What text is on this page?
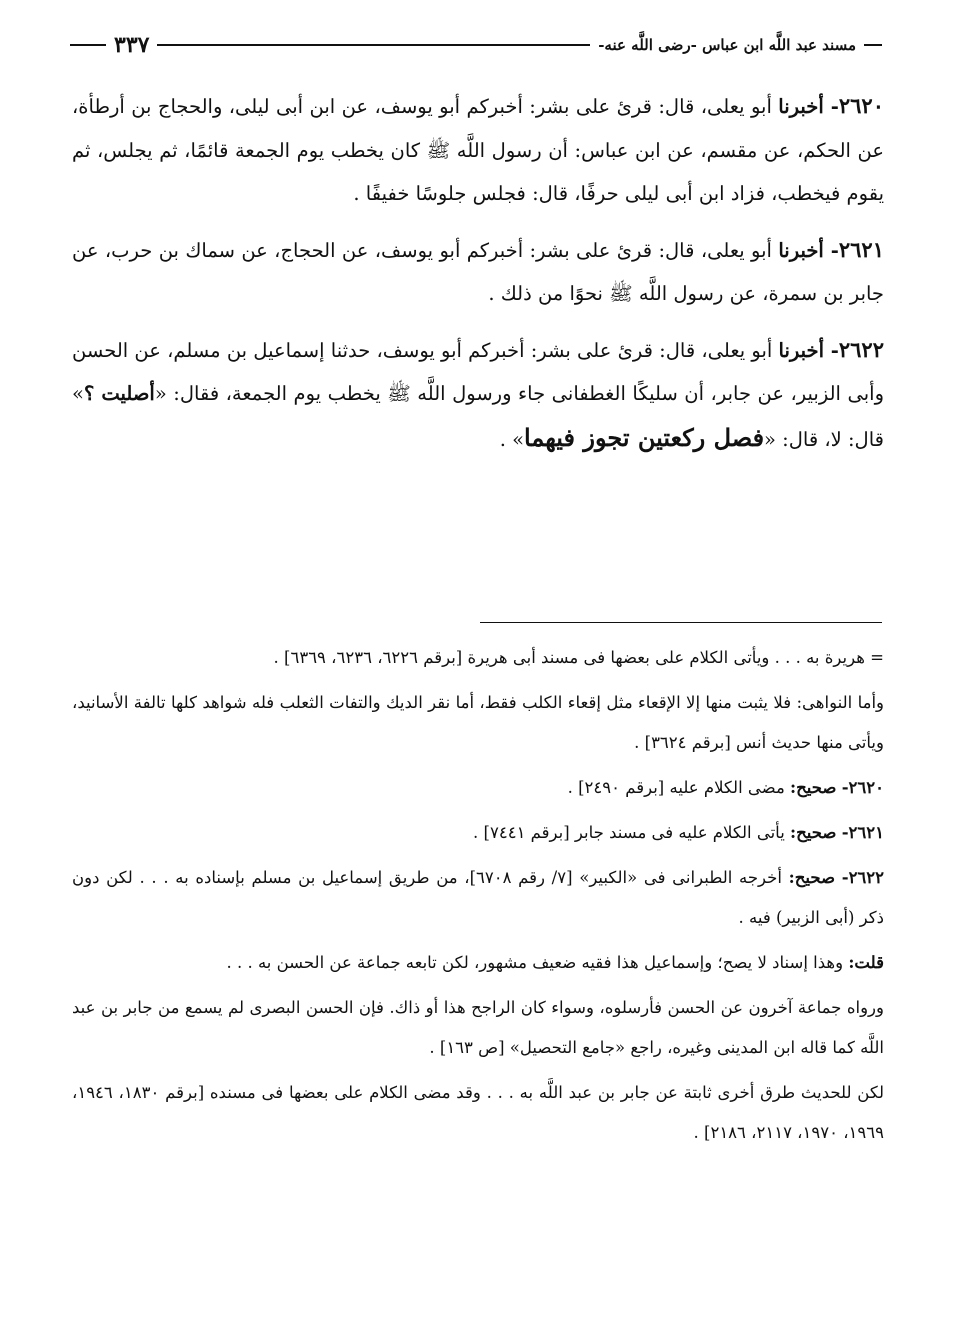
مسند عبد اللَّه ابن عباس -رضى اللَّه عنه-
٣٣٧

٢٦٢٠- أخبرنا أبو يعلى، قال: قرئ على بشر: أخبركم أبو يوسف، عن ابن أبى ليلى، والحجاج بن أرطأة، عن الحكم، عن مقسم، عن ابن عباس: أن رسول اللَّه ﷺ كان يخطب يوم الجمعة قائمًا، ثم يجلس، ثم يقوم فيخطب، فزاد ابن أبى ليلى حرفًا، قال: فجلس جلوسًا خفيفًا .

٢٦٢١- أخبرنا أبو يعلى، قال: قرئ على بشر: أخبركم أبو يوسف، عن الحجاج، عن سماك بن حرب، عن جابر بن سمرة، عن رسول اللَّه ﷺ نحوًا من ذلك .

٢٦٢٢- أخبرنا أبو يعلى، قال: قرئ على بشر: أخبركم أبو يوسف، حدثنا إسماعيل بن مسلم، عن الحسن وأبى الزبير، عن جابر، أن سليكًا الغطفانى جاء ورسول اللَّه ﷺ يخطب يوم الجمعة، فقال: «أصليت ؟» قال: لا، قال: «فصل ركعتين تجوز فيهما» .

= هريرة به . . . ويأتى الكلام على بعضها فى مسند أبى هريرة [برقم ٦٢٢٦، ٦٢٣٦، ٦٣٦٩] .

وأما النواهى: فلا يثبت منها إلا الإقعاء مثل إقعاء الكلب فقط، أما نقر الديك والتفات الثعلب فله شواهد كلها تالفة الأسانيد، ويأتى منها حديث أنس [برقم ٣٦٢٤] .

٢٦٢٠- صحيح: مضى الكلام عليه [برقم ٢٤٩٠] .

٢٦٢١- صحيح: يأتى الكلام عليه فى مسند جابر [برقم ٧٤٤١] .

٢٦٢٢- صحيح: أخرجه الطبرانى فى «الكبير» [٧/ رقم ٦٧٠٨]، من طريق إسماعيل بن مسلم بإسناده به . . . لكن دون ذكر (أبى الزبير) فيه .

قلت: وهذا إسناد لا يصح؛ وإسماعيل هذا فقيه ضعيف مشهور، لكن تابعه جماعة عن الحسن به . . .

ورواه جماعة آخرون عن الحسن فأرسلوه، وسواء كان الراجح هذا أو ذاك. فإن الحسن البصرى لم يسمع من جابر بن عبد اللَّه كما قاله ابن المدينى وغيره، راجع «جامع التحصيل» [ص ١٦٣] .

لكن للحديث طرق أخرى ثابتة عن جابر بن عبد اللَّه به . . . وقد مضى الكلام على بعضها فى مسنده [برقم ١٨٣٠، ١٩٤٦، ١٩٦٩، ١٩٧٠، ٢١١٧، ٢١٨٦] .
